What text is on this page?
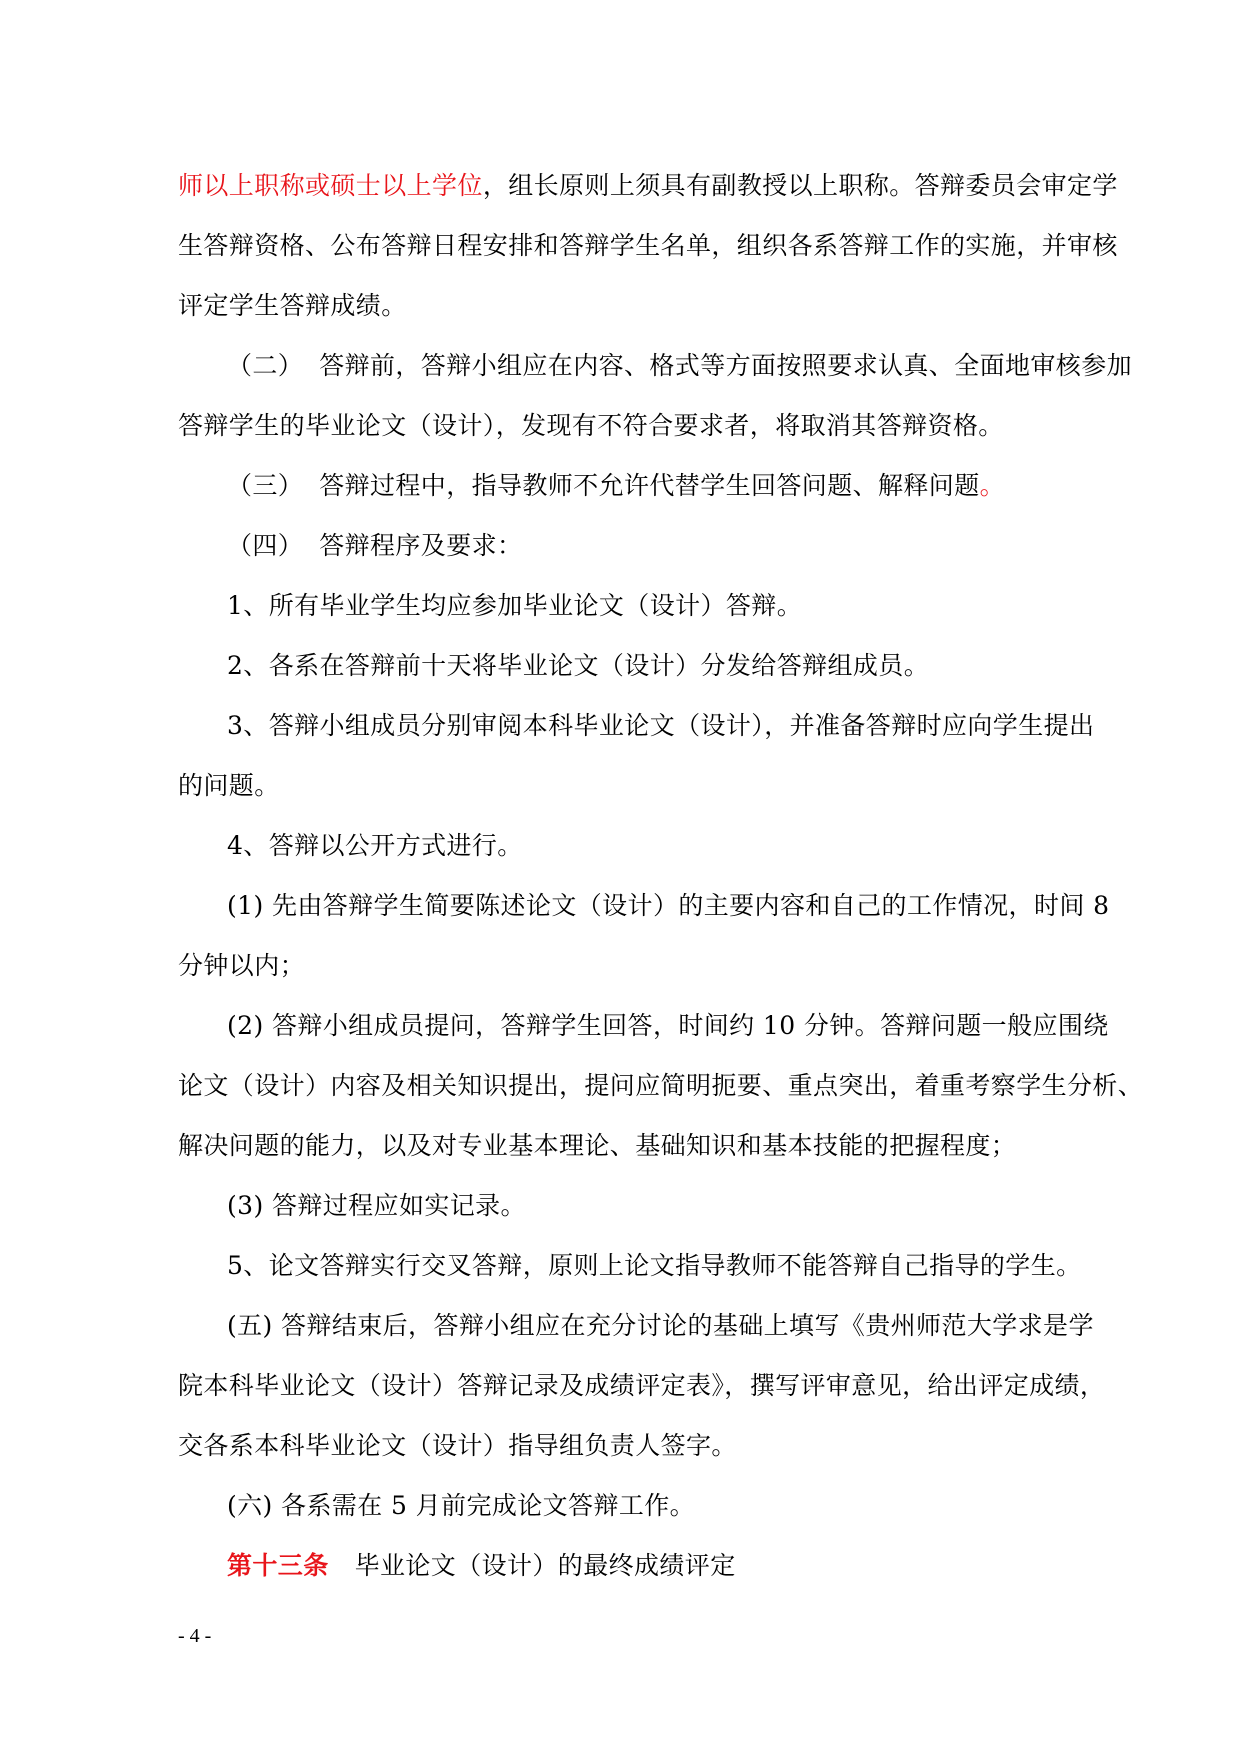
师以上职称或硕士以上学位，组长原则上须具有副教授以上职称。答辩委员会审定学
生答辩资格、公布答辩日程安排和答辩学生名单，组织各系答辩工作的实施，并审核
评定学生答辩成绩。
（二） 答辩前，答辩小组应在内容、格式等方面按照要求认真、全面地审核参加
答辩学生的毕业论文（设计），发现有不符合要求者，将取消其答辩资格。
（三） 答辩过程中，指导教师不允许代替学生回答问题、解释问题。
（四） 答辩程序及要求：
1、所有毕业学生均应参加毕业论文（设计）答辩。
2、各系在答辩前十天将毕业论文（设计）分发给答辩组成员。
3、答辩小组成员分别审阅本科毕业论文（设计），并准备答辩时应向学生提出
的问题。
4、答辩以公开方式进行。
(1) 先由答辩学生简要陈述论文（设计）的主要内容和自己的工作情况，时间 8
分钟以内；
(2) 答辩小组成员提问，答辩学生回答，时间约 10 分钟。答辩问题一般应围绕
论文（设计）内容及相关知识提出，提问应简明扼要、重点突出，着重考察学生分析、
解决问题的能力，以及对专业基本理论、基础知识和基本技能的把握程度；
(3) 答辩过程应如实记录。
5、论文答辩实行交叉答辩，原则上论文指导教师不能答辩自己指导的学生。
(五) 答辩结束后，答辩小组应在充分讨论的基础上填写《贵州师范大学求是学
院本科毕业论文（设计）答辩记录及成绩评定表》，撰写评审意见，给出评定成绩，
交各系本科毕业论文（设计）指导组负责人签字。
(六) 各系需在 5 月前完成论文答辩工作。
第十三条 毕业论文（设计）的最终成绩评定
- 4 -
